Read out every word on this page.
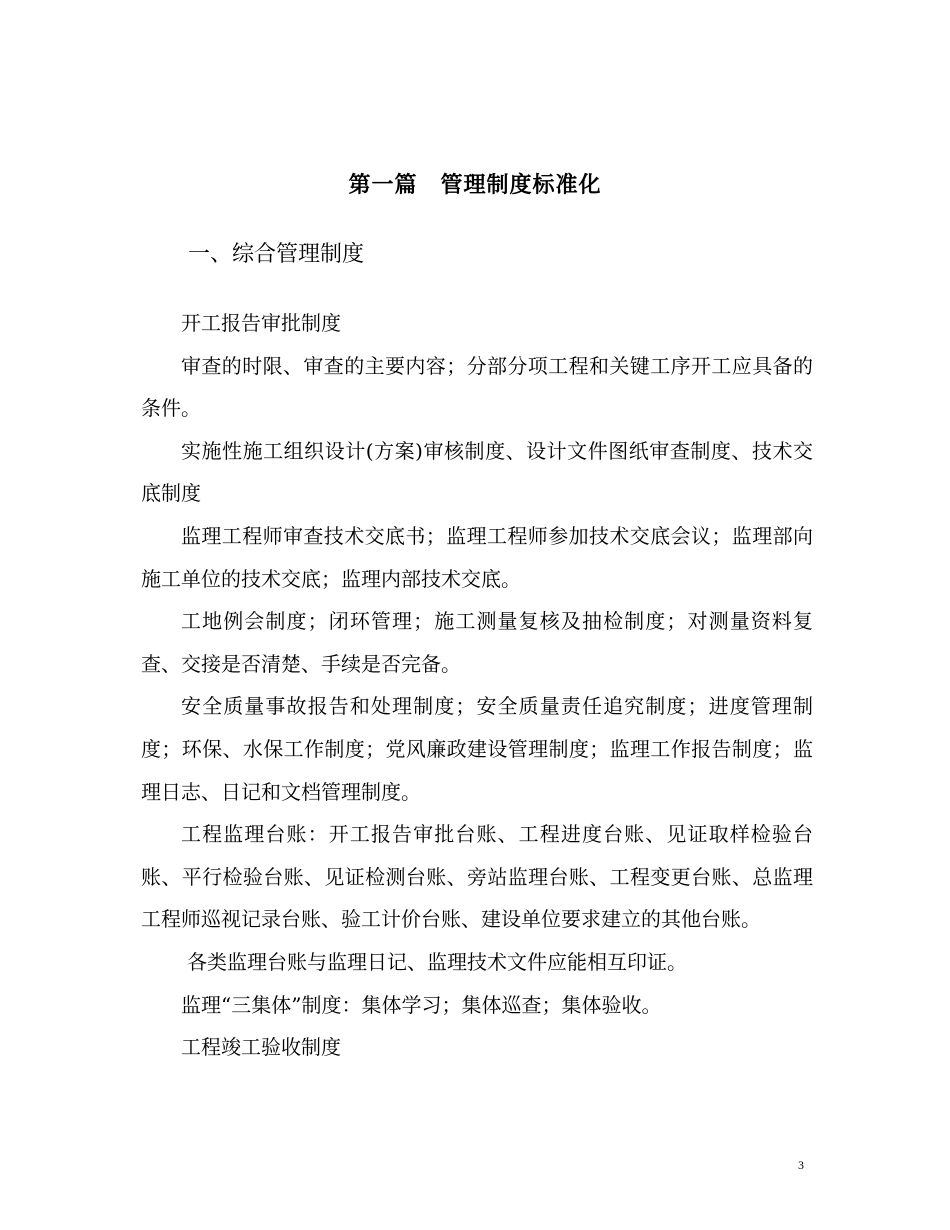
第一篇　管理制度标准化
一、综合管理制度

开工报告审批制度

审查的时限、审查的主要内容；分部分项工程和关键工序开工应具备的条件。

实施性施工组织设计(方案)审核制度、设计文件图纸审查制度、技术交底制度

监理工程师审查技术交底书；监理工程师参加技术交底会议；监理部向施工单位的技术交底；监理内部技术交底。

工地例会制度；闭环管理；施工测量复核及抽检制度；对测量资料复查、交接是否清楚、手续是否完备。

安全质量事故报告和处理制度；安全质量责任追究制度；进度管理制度；环保、水保工作制度；党风廉政建设管理制度；监理工作报告制度；监理日志、日记和文档管理制度。

工程监理台账：开工报告审批台账、工程进度台账、见证取样检验台账、平行检验台账、见证检测台账、旁站监理台账、工程变更台账、总监理工程师巡视记录台账、验工计价台账、建设单位要求建立的其他台账。

各类监理台账与监理日记、监理技术文件应能相互印证。

监理“三集体”制度：集体学习；集体巡查；集体验收。

工程竣工验收制度

3
